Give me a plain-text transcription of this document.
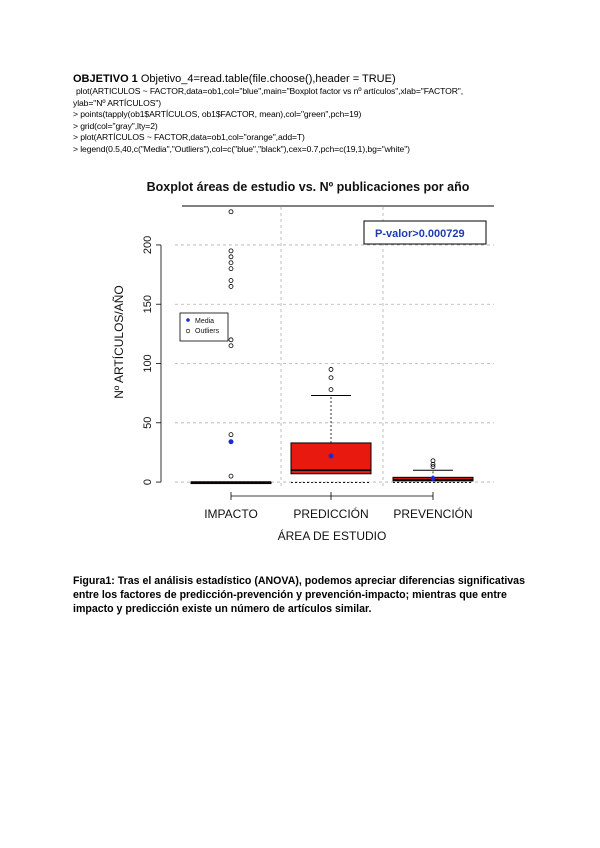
OBJETIVO 1 Objetivo_4=read.table(file.choose(),header = TRUE)
plot(ARTICULOS ~ FACTOR,data=ob1,col="blue",main="Boxplot factor vs nº artículos",xlab="FACTOR",
ylab="Nº ARTÍCULOS")
> points(tapply(ob1$ARTÍCULOS, ob1$FACTOR, mean),col="green",pch=19)
> grid(col="gray",lty=2)
> plot(ARTÍCULOS ~ FACTOR,data=ob1,col="orange",add=T)
> legend(0.5,40,c("Media","Outliers"),col=c("blue","black"),cex=0.7,pch=c(19,1),bg="white")
Boxplot áreas de estudio vs. Nº publicaciones por año
0
50
100
150
200
IMPACTO	PREDICCIÓN PREVENCIÓN
Media
Outliers
P-valor>0.000729
Nº ARTÍCULOS/AÑO
ÁREA DE ESTUDIO
Figura1: Tras el análisis estadístico (ANOVA), podemos apreciar diferencias significativas entre los factores de predicción-prevención y prevención-impacto; mientras que entre impacto y predicción existe un número de artículos similar.
